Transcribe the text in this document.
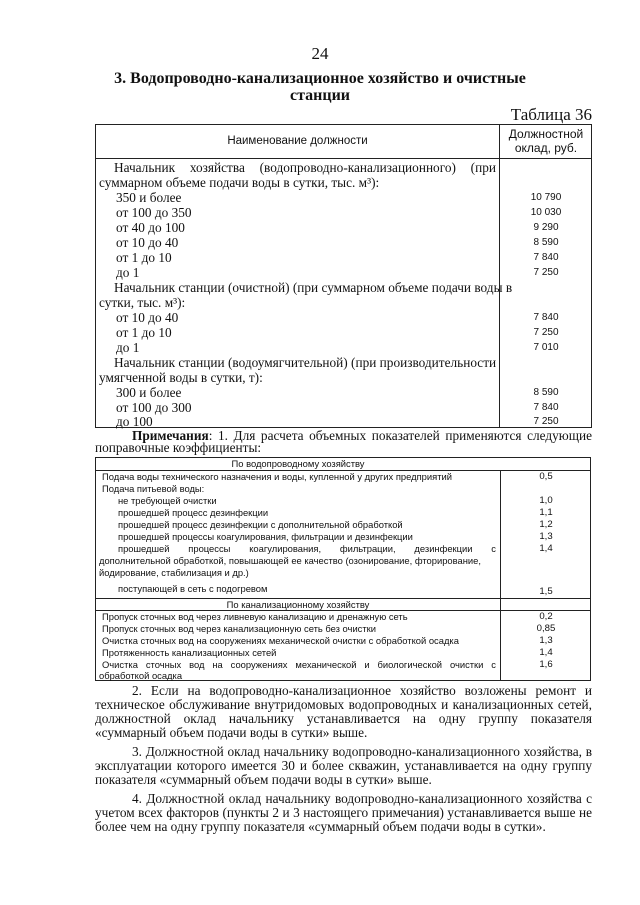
24
3. Водопроводно-канализационное хозяйство и очистные станции
Таблица 36
Наименование должности	Должностной оклад, руб.
Начальник хозяйства (водопроводно-канализационного) (при
суммарном объеме подачи воды в сутки, тыс. м³):
350 и более	10 790
от 100 до 350	10 030
от 40 до 100	9 290
от 10 до 40	8 590
от 1 до 10	7 840
до 1	7 250
Начальник станции (очистной) (при суммарном объеме подачи воды в
сутки, тыс. м³):
от 10 до 40	7 840
от 1 до 10	7 250
до 1	7 010
Начальник станции (водоумягчительной) (при производительности
умягченной воды в сутки, т):
300 и более	8 590
от 100 до 300	7 840
до 100	7 250
Примечания: 1. Для расчета объемных показателей применяются следующие
поправочные коэффициенты:
По водопроводному хозяйству
Подача воды технического назначения и воды, купленной у других предприятий	0,5
Подача питьевой воды:
не требующей очистки	1,0
прошедшей процесс дезинфекции	1,1
прошедшей процесс дезинфекции с дополнительной обработкой	1,2
прошедшей процессы коагулирования, фильтрации и дезинфекции	1,3
прошедшей процессы коагулирования, фильтрации, дезинфекции с	1,4
дополнительной обработкой, повышающей ее качество (озонирование, фторирование,
йодирование, стабилизация и др.)
поступающей в сеть с подогревом	1,5
По канализационному хозяйству
Пропуск сточных вод через ливневую канализацию и дренажную сеть	0,2
Пропуск сточных вод через канализационную сеть без очистки	0,85
Очистка сточных вод на сооружениях механической очистки с обработкой осадка	1,3
Протяженность канализационных сетей	1,4
Очистка сточных вод на сооружениях механической и биологической очистки с	1,6
обработкой осадка
2. Если на водопроводно-канализационное хозяйство возложены ремонт и техническое обслуживание внутридомовых водопроводных и канализационных сетей, должностной оклад начальнику устанавливается на одну группу показателя «суммарный объем подачи воды в сутки» выше.
3. Должностной оклад начальнику водопроводно-канализационного хозяйства, в эксплуатации которого имеется 30 и более скважин, устанавливается на одну группу показателя «суммарный объем подачи воды в сутки» выше.
4. Должностной оклад начальнику водопроводно-канализационного хозяйства с учетом всех факторов (пункты 2 и 3 настоящего примечания) устанавливается выше не более чем на одну группу показателя «суммарный объем подачи воды в сутки».
